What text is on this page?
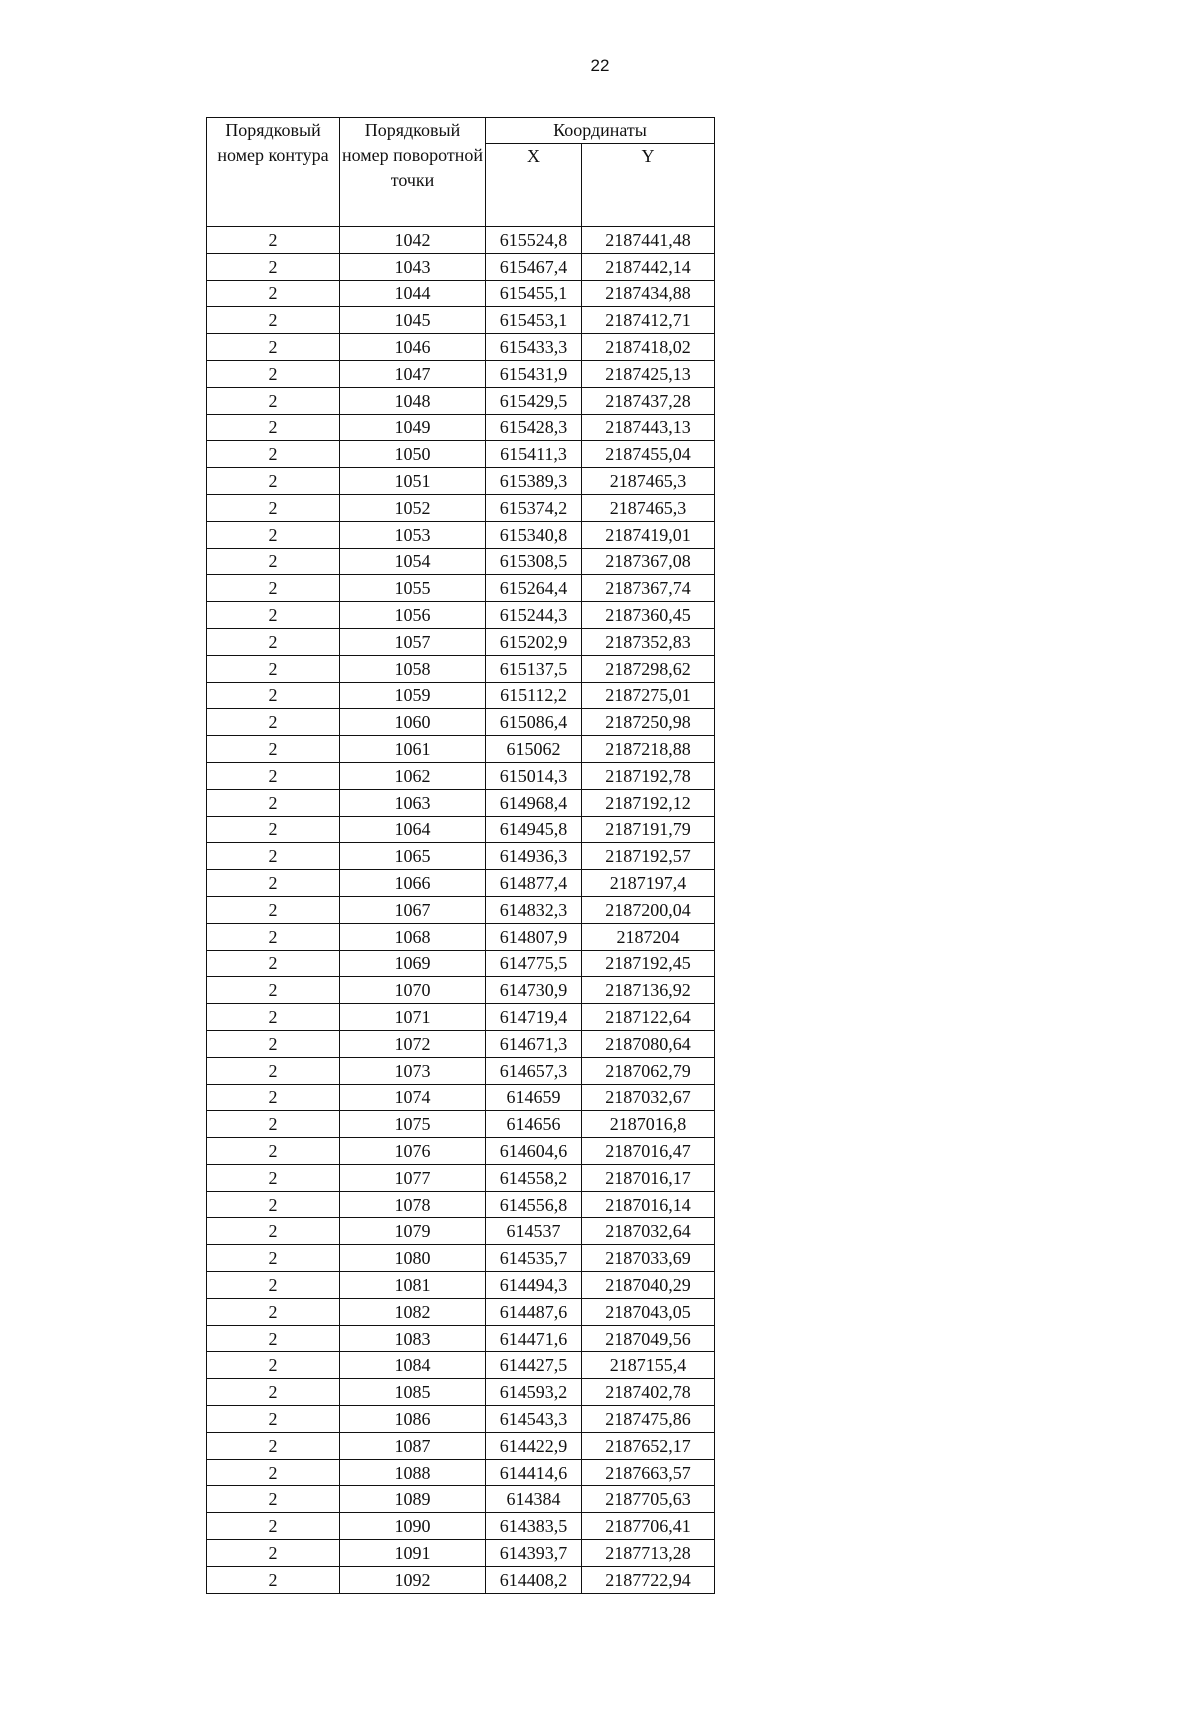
22
Порядковый номер контура	Порядковый номер поворотной точки	Координаты	
		X	Y
2	1042	615524,8	2187441,48
2	1043	615467,4	2187442,14
2	1044	615455,1	2187434,88
2	1045	615453,1	2187412,71
2	1046	615433,3	2187418,02
2	1047	615431,9	2187425,13
2	1048	615429,5	2187437,28
2	1049	615428,3	2187443,13
2	1050	615411,3	2187455,04
2	1051	615389,3	2187465,3
2	1052	615374,2	2187465,3
2	1053	615340,8	2187419,01
2	1054	615308,5	2187367,08
2	1055	615264,4	2187367,74
2	1056	615244,3	2187360,45
2	1057	615202,9	2187352,83
2	1058	615137,5	2187298,62
2	1059	615112,2	2187275,01
2	1060	615086,4	2187250,98
2	1061	615062	2187218,88
2	1062	615014,3	2187192,78
2	1063	614968,4	2187192,12
2	1064	614945,8	2187191,79
2	1065	614936,3	2187192,57
2	1066	614877,4	2187197,4
2	1067	614832,3	2187200,04
2	1068	614807,9	2187204
2	1069	614775,5	2187192,45
2	1070	614730,9	2187136,92
2	1071	614719,4	2187122,64
2	1072	614671,3	2187080,64
2	1073	614657,3	2187062,79
2	1074	614659	2187032,67
2	1075	614656	2187016,8
2	1076	614604,6	2187016,47
2	1077	614558,2	2187016,17
2	1078	614556,8	2187016,14
2	1079	614537	2187032,64
2	1080	614535,7	2187033,69
2	1081	614494,3	2187040,29
2	1082	614487,6	2187043,05
2	1083	614471,6	2187049,56
2	1084	614427,5	2187155,4
2	1085	614593,2	2187402,78
2	1086	614543,3	2187475,86
2	1087	614422,9	2187652,17
2	1088	614414,6	2187663,57
2	1089	614384	2187705,63
2	1090	614383,5	2187706,41
2	1091	614393,7	2187713,28
2	1092	614408,2	2187722,94
